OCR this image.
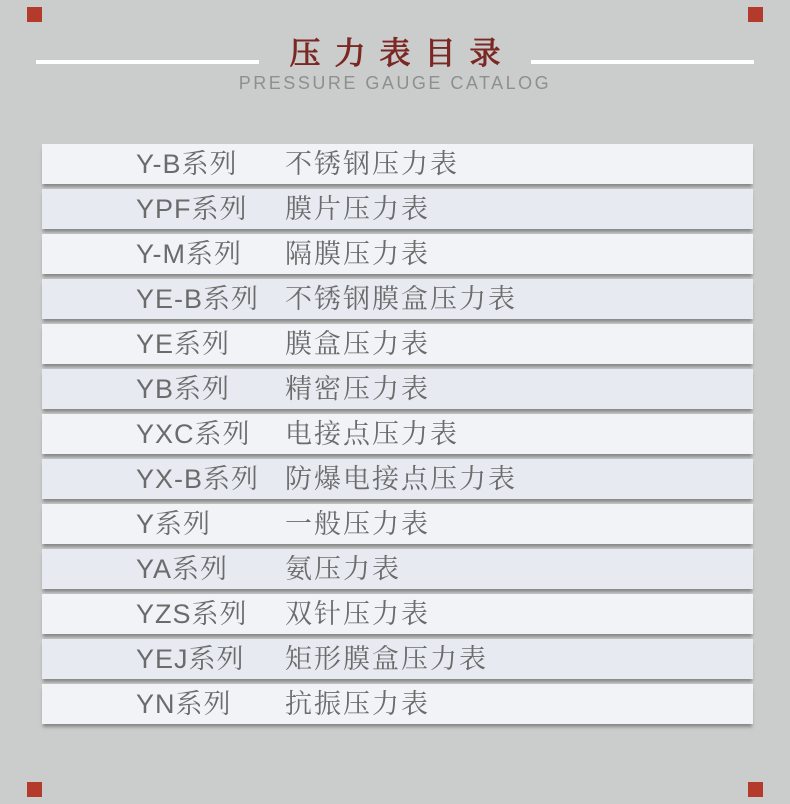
压力表目录
PRESSURE GAUGE CATALOG
Y-B系列	不锈钢压力表
YPF系列	膜片压力表
Y-M系列	隔膜压力表
YE-B系列 不锈钢膜盒压力表
YE系列	膜盒压力表
YB系列	精密压力表
YXC系列	电接点压力表
YX-B系列 防爆电接点压力表
Y系列	一般压力表
YA系列	氨压力表
YZS系列	双针压力表
YEJ系列	矩形膜盒压力表
YN系列	抗振压力表
